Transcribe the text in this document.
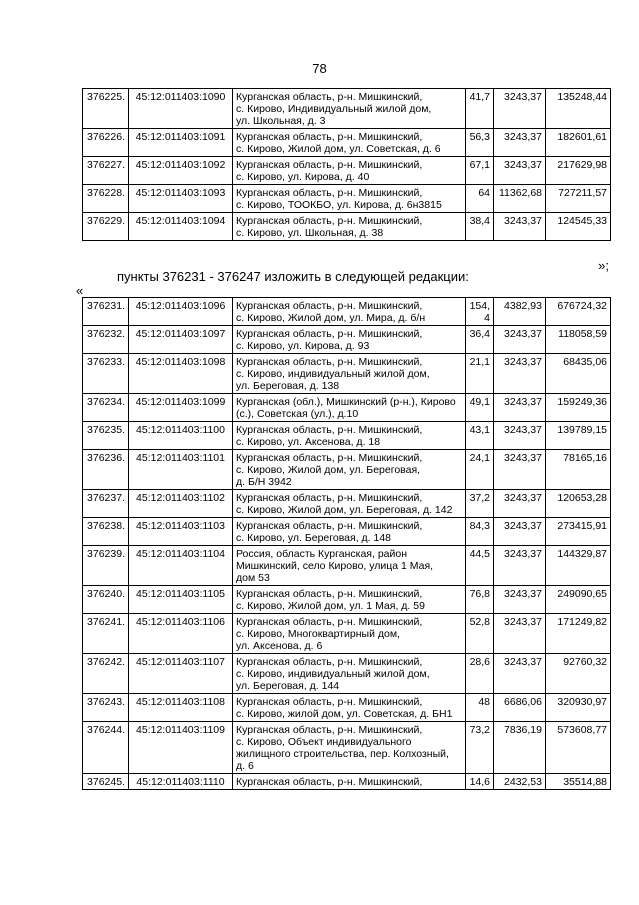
78
376225.	45:12:011403:1090	Курганская область, р-н. Мишкинский,
с. Кирово, Индивидуальный жилой дом,
ул. Школьная, д. 3	41,7	3243,37	135248,44
376226.	45:12:011403:1091	Курганская область, р-н. Мишкинский,
с. Кирово, Жилой дом, ул. Советская, д. 6	56,3	3243,37	182601,61
376227.	45:12:011403:1092	Курганская область, р-н. Мишкинский,
с. Кирово, ул. Кирова, д. 40	67,1	3243,37	217629,98
376228.	45:12:011403:1093	Курганская область, р-н. Мишкинский,
с. Кирово, ТООКБО, ул. Кирова, д. 6н3815	64	11362,68	727211,57
376229.	45:12:011403:1094	Курганская область, р-н. Мишкинский,
с. Кирово, ул. Школьная, д. 38	38,4	3243,37	124545,33
»;
пункты 376231 - 376247 изложить в следующей редакции:
«
376231.	45:12:011403:1096	Курганская область, р-н. Мишкинский,
с. Кирово, Жилой дом, ул. Мира, д. б/н	154,
4	4382,93	676724,32
376232.	45:12:011403:1097	Курганская область, р-н. Мишкинский,
с. Кирово, ул. Кирова, д. 93	36,4	3243,37	118058,59
376233.	45:12:011403:1098	Курганская область, р-н. Мишкинский,
с. Кирово, индивидуальный жилой дом,
ул. Береговая, д. 138	21,1	3243,37	68435,06
376234.	45:12:011403:1099	Курганская (обл.), Мишкинский (р-н.), Кирово
(с.), Советская (ул.), д.10	49,1	3243,37	159249,36
376235.	45:12:011403:1100	Курганская область, р-н. Мишкинский,
с. Кирово, ул. Аксенова, д. 18	43,1	3243,37	139789,15
376236.	45:12:011403:1101	Курганская область, р-н. Мишкинский,
с. Кирово, Жилой дом, ул. Береговая,
д. Б/Н 3942	24,1	3243,37	78165,16
376237.	45:12:011403:1102	Курганская область, р-н. Мишкинский,
с. Кирово, Жилой дом, ул. Береговая, д. 142	37,2	3243,37	120653,28
376238.	45:12:011403:1103	Курганская область, р-н. Мишкинский,
с. Кирово, ул. Береговая, д. 148	84,3	3243,37	273415,91
376239.	45:12:011403:1104	Россия, область Курганская, район
Мишкинский, село Кирово, улица 1 Мая,
дом 53	44,5	3243,37	144329,87
376240.	45:12:011403:1105	Курганская область, р-н. Мишкинский,
с. Кирово, Жилой дом, ул. 1 Мая, д. 59	76,8	3243,37	249090,65
376241.	45:12:011403:1106	Курганская область, р-н. Мишкинский,
с. Кирово, Многоквартирный дом,
ул. Аксенова, д. 6	52,8	3243,37	171249,82
376242.	45:12:011403:1107	Курганская область, р-н. Мишкинский,
с. Кирово, индивидуальный жилой дом,
ул. Береговая, д. 144	28,6	3243,37	92760,32
376243.	45:12:011403:1108	Курганская область, р-н. Мишкинский,
с. Кирово, жилой дом, ул. Советская, д. БН1	48	6686,06	320930,97
376244.	45:12:011403:1109	Курганская область, р-н. Мишкинский,
с. Кирово, Объект индивидуального
жилищного строительства, пер. Колхозный,
д. 6	73,2	7836,19	573608,77
376245.	45:12:011403:1110	Курганская область, р-н. Мишкинский,	14,6	2432,53	35514,88
